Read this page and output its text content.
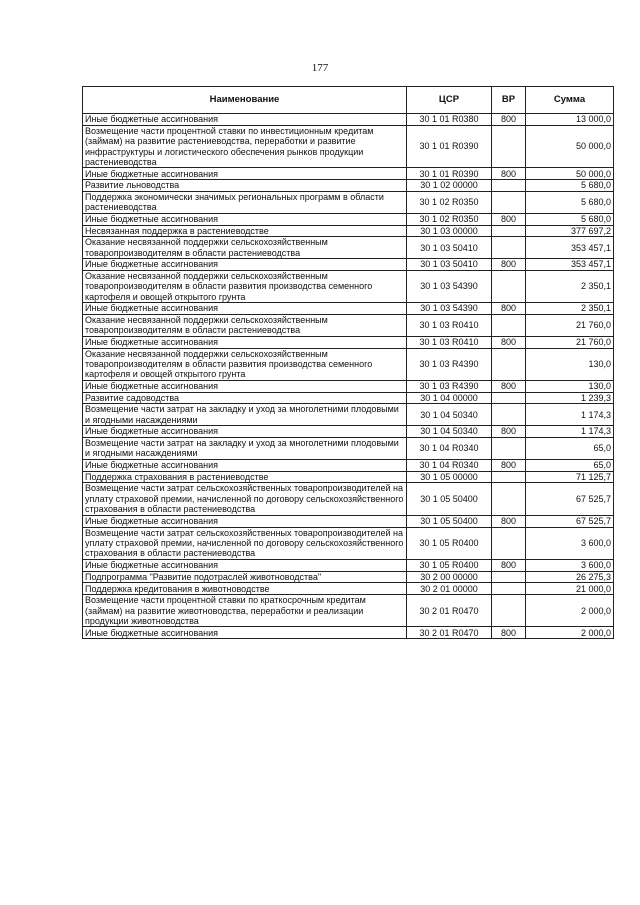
177
Наименование	ЦСР	ВР	Сумма
Иные бюджетные ассигнования	30 1 01 R0380	800	13 000,0
Возмещение части процентной ставки по инвестиционным кредитам (займам) на развитие растениеводства, переработки и развитие инфраструктуры и логистического обеспечения рынков продукции растениеводства	30 1 01 R0390		50 000,0
Иные бюджетные ассигнования	30 1 01 R0390	800	50 000,0
Развитие льноводства	30 1 02 00000		5 680,0
Поддержка экономически значимых региональных программ в области растениеводства	30 1 02 R0350		5 680,0
Иные бюджетные ассигнования	30 1 02 R0350	800	5 680,0
Несвязанная поддержка в растениеводстве	30 1 03 00000		377 697,2
Оказание несвязанной поддержки сельскохозяйственным товаропроизводителям в области растениеводства	30 1 03 50410		353 457,1
Иные бюджетные ассигнования	30 1 03 50410	800	353 457,1
Оказание несвязанной поддержки сельскохозяйственным товаропроизводителям в области развития производства семенного картофеля и овощей открытого грунта	30 1 03 54390		2 350,1
Иные бюджетные ассигнования	30 1 03 54390	800	2 350,1
Оказание несвязанной поддержки сельскохозяйственным товаропроизводителям в области растениеводства	30 1 03 R0410		21 760,0
Иные бюджетные ассигнования	30 1 03 R0410	800	21 760,0
Оказание несвязанной поддержки сельскохозяйственным товаропроизводителям в области развития производства семенного картофеля и овощей открытого грунта	30 1 03 R4390		130,0
Иные бюджетные ассигнования	30 1 03 R4390	800	130,0
Развитие садоводства	30 1 04 00000		1 239,3
Возмещение части затрат на закладку и уход за многолетними плодовыми и ягодными насаждениями	30 1 04 50340		1 174,3
Иные бюджетные ассигнования	30 1 04 50340	800	1 174,3
Возмещение части затрат на закладку и уход за многолетними плодовыми и ягодными насаждениями	30 1 04 R0340		65,0
Иные бюджетные ассигнования	30 1 04 R0340	800	65,0
Поддержка страхования в растениеводстве	30 1 05 00000		71 125,7
Возмещение части затрат сельскохозяйственных товаропроизводителей на уплату страховой премии, начисленной по договору сельскохозяйственного страхования в области растениеводства	30 1 05 50400		67 525,7
Иные бюджетные ассигнования	30 1 05 50400	800	67 525,7
Возмещение части затрат сельскохозяйственных товаропроизводителей на уплату страховой премии, начисленной по договору сельскохозяйственного страхования в области растениеводства	30 1 05 R0400		3 600,0
Иные бюджетные ассигнования	30 1 05 R0400	800	3 600,0
Подпрограмма "Развитие подотраслей животноводства"	30 2 00 00000		26 275,3
Поддержка кредитования в животноводстве	30 2 01 00000		21 000,0
Возмещение части процентной ставки по краткосрочным кредитам (займам) на развитие животноводства, переработки и реализации продукции животноводства	30 2 01 R0470		2 000,0
Иные бюджетные ассигнования	30 2 01 R0470	800	2 000,0
